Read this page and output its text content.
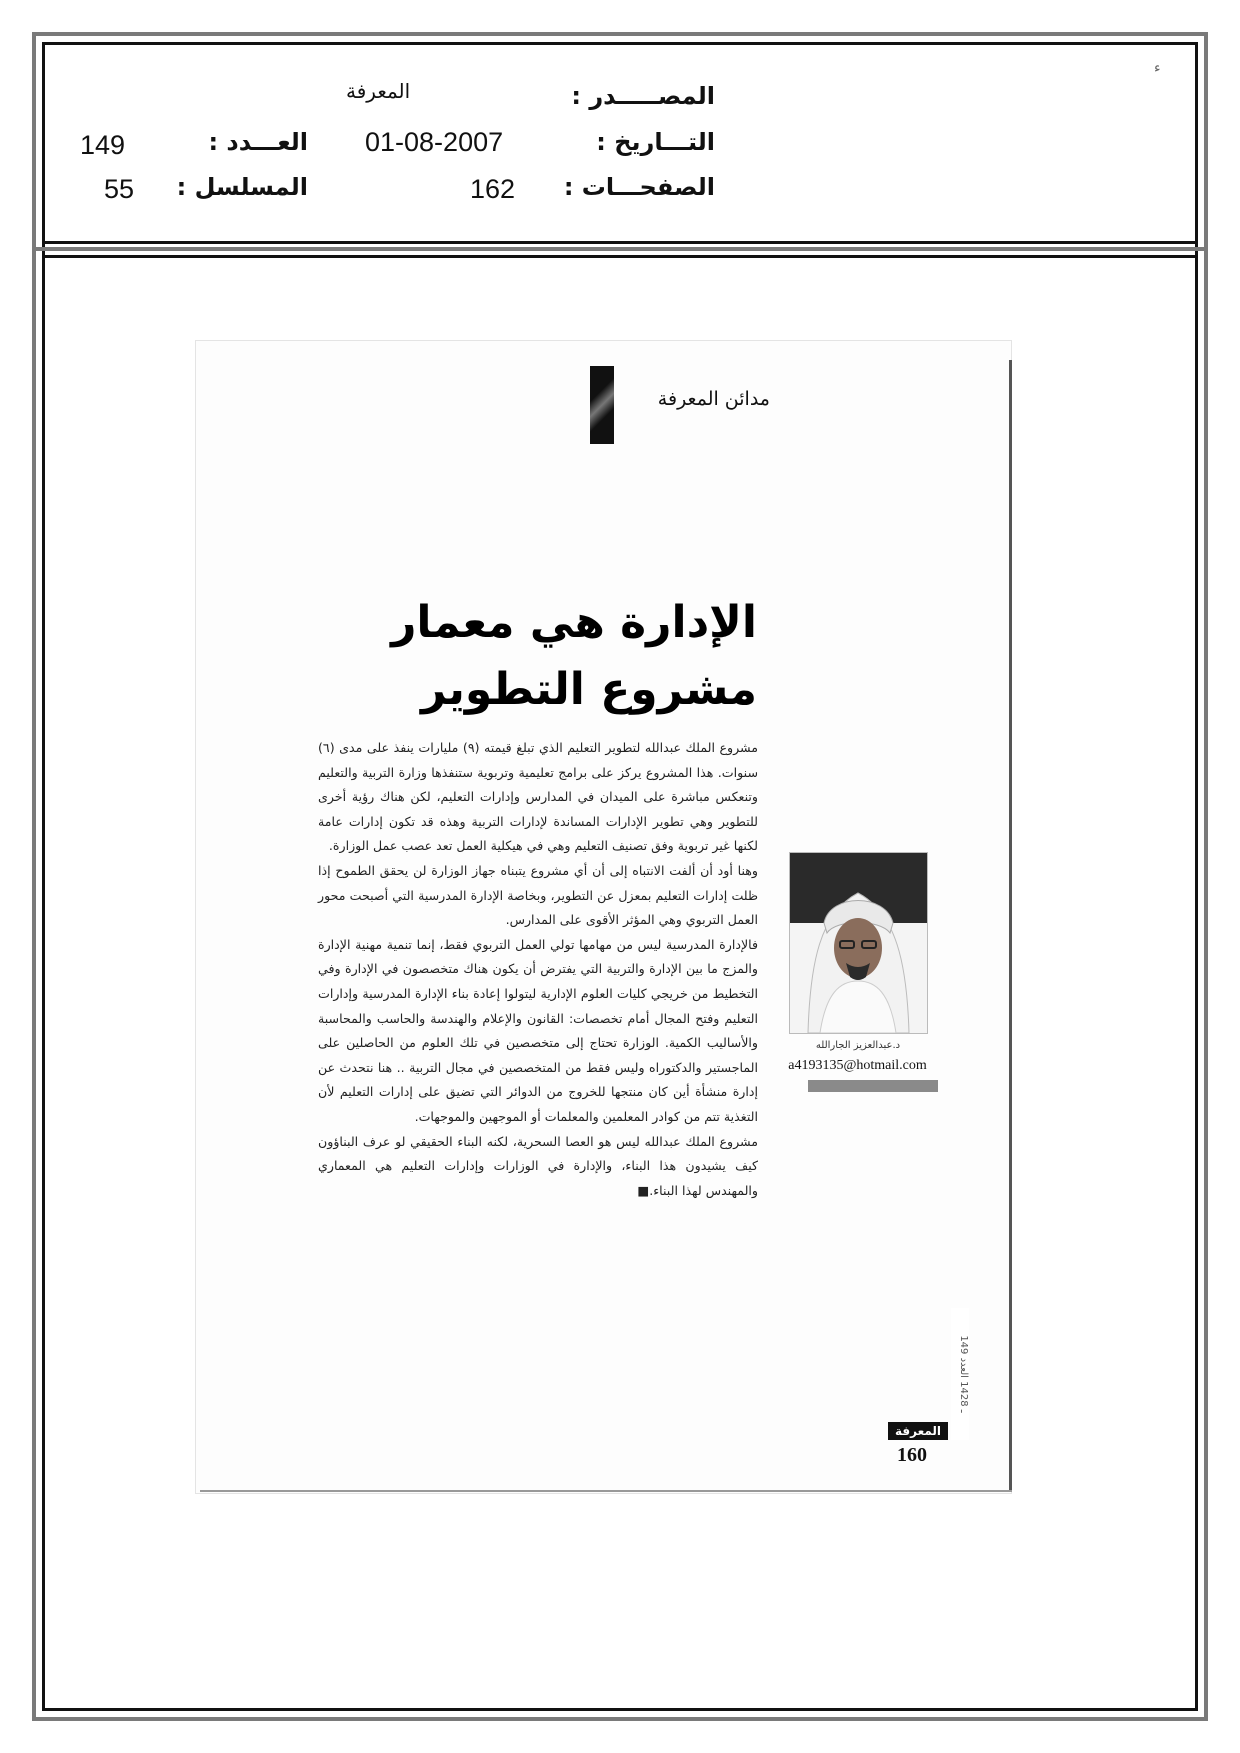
المصـــــدر :
المعرفة
التـــاريخ :
01-08-2007
الصفحـــات :
162
العـــدد :
149
المسلسل :
55
ء
مدائن المعرفة
الإدارة هي معمار
مشروع التطوير

مشروع الملك عبدالله لتطوير التعليم الذي تبلغ قيمته (٩) مليارات ينفذ على مدى (٦) سنوات. هذا المشروع يركز على برامج تعليمية وتربوية ستنفذها وزارة التربية والتعليم وتنعكس مباشرة على الميدان في المدارس وإدارات التعليم، لكن هناك رؤية أخرى للتطوير وهي تطوير الإدارات المساندة لإدارات التربية وهذه قد تكون إدارات عامة لكنها غير تربوية وفق تصنيف التعليم وهي في هيكلية العمل تعد عصب عمل الوزارة.

وهنا أود أن ألفت الانتباه إلى أن أي مشروع يتبناه جهاز الوزارة لن يحقق الطموح إذا ظلت إدارات التعليم بمعزل عن التطوير، وبخاصة الإدارة المدرسية التي أصبحت محور العمل التربوي وهي المؤثر الأقوى على المدارس.

فالإدارة المدرسية ليس من مهامها تولي العمل التربوي فقط، إنما تنمية مهنية الإدارة والمزج ما بين الإدارة والتربية التي يفترض أن يكون هناك متخصصون في الإدارة وفي التخطيط من خريجي كليات العلوم الإدارية ليتولوا إعادة بناء الإدارة المدرسية وإدارات التعليم وفتح المجال أمام تخصصات: القانون والإعلام والهندسة والحاسب والمحاسبة والأساليب الكمية. الوزارة تحتاج إلى متخصصين في تلك العلوم من الحاصلين على الماجستير والدكتوراه وليس فقط من المتخصصين في مجال التربية .. هنا نتحدث عن إدارة منشأة أين كان منتجها للخروج من الدوائر التي تضيق على إدارات التعليم لأن التغذية تتم من كوادر المعلمين والمعلمات أو الموجهين والموجهات.

مشروع الملك عبدالله ليس هو العصا السحرية، لكنه البناء الحقيقي لو عرف البناؤون كيف يشيدون هذا البناء، والإدارة في الوزارات وإدارات التعليم هي المعماري والمهندس لهذا البناء.■

د.عبدالعزيز الجارالله
a4193135@hotmail.com
ـ 1428 العدد 149
المعرفة
160
